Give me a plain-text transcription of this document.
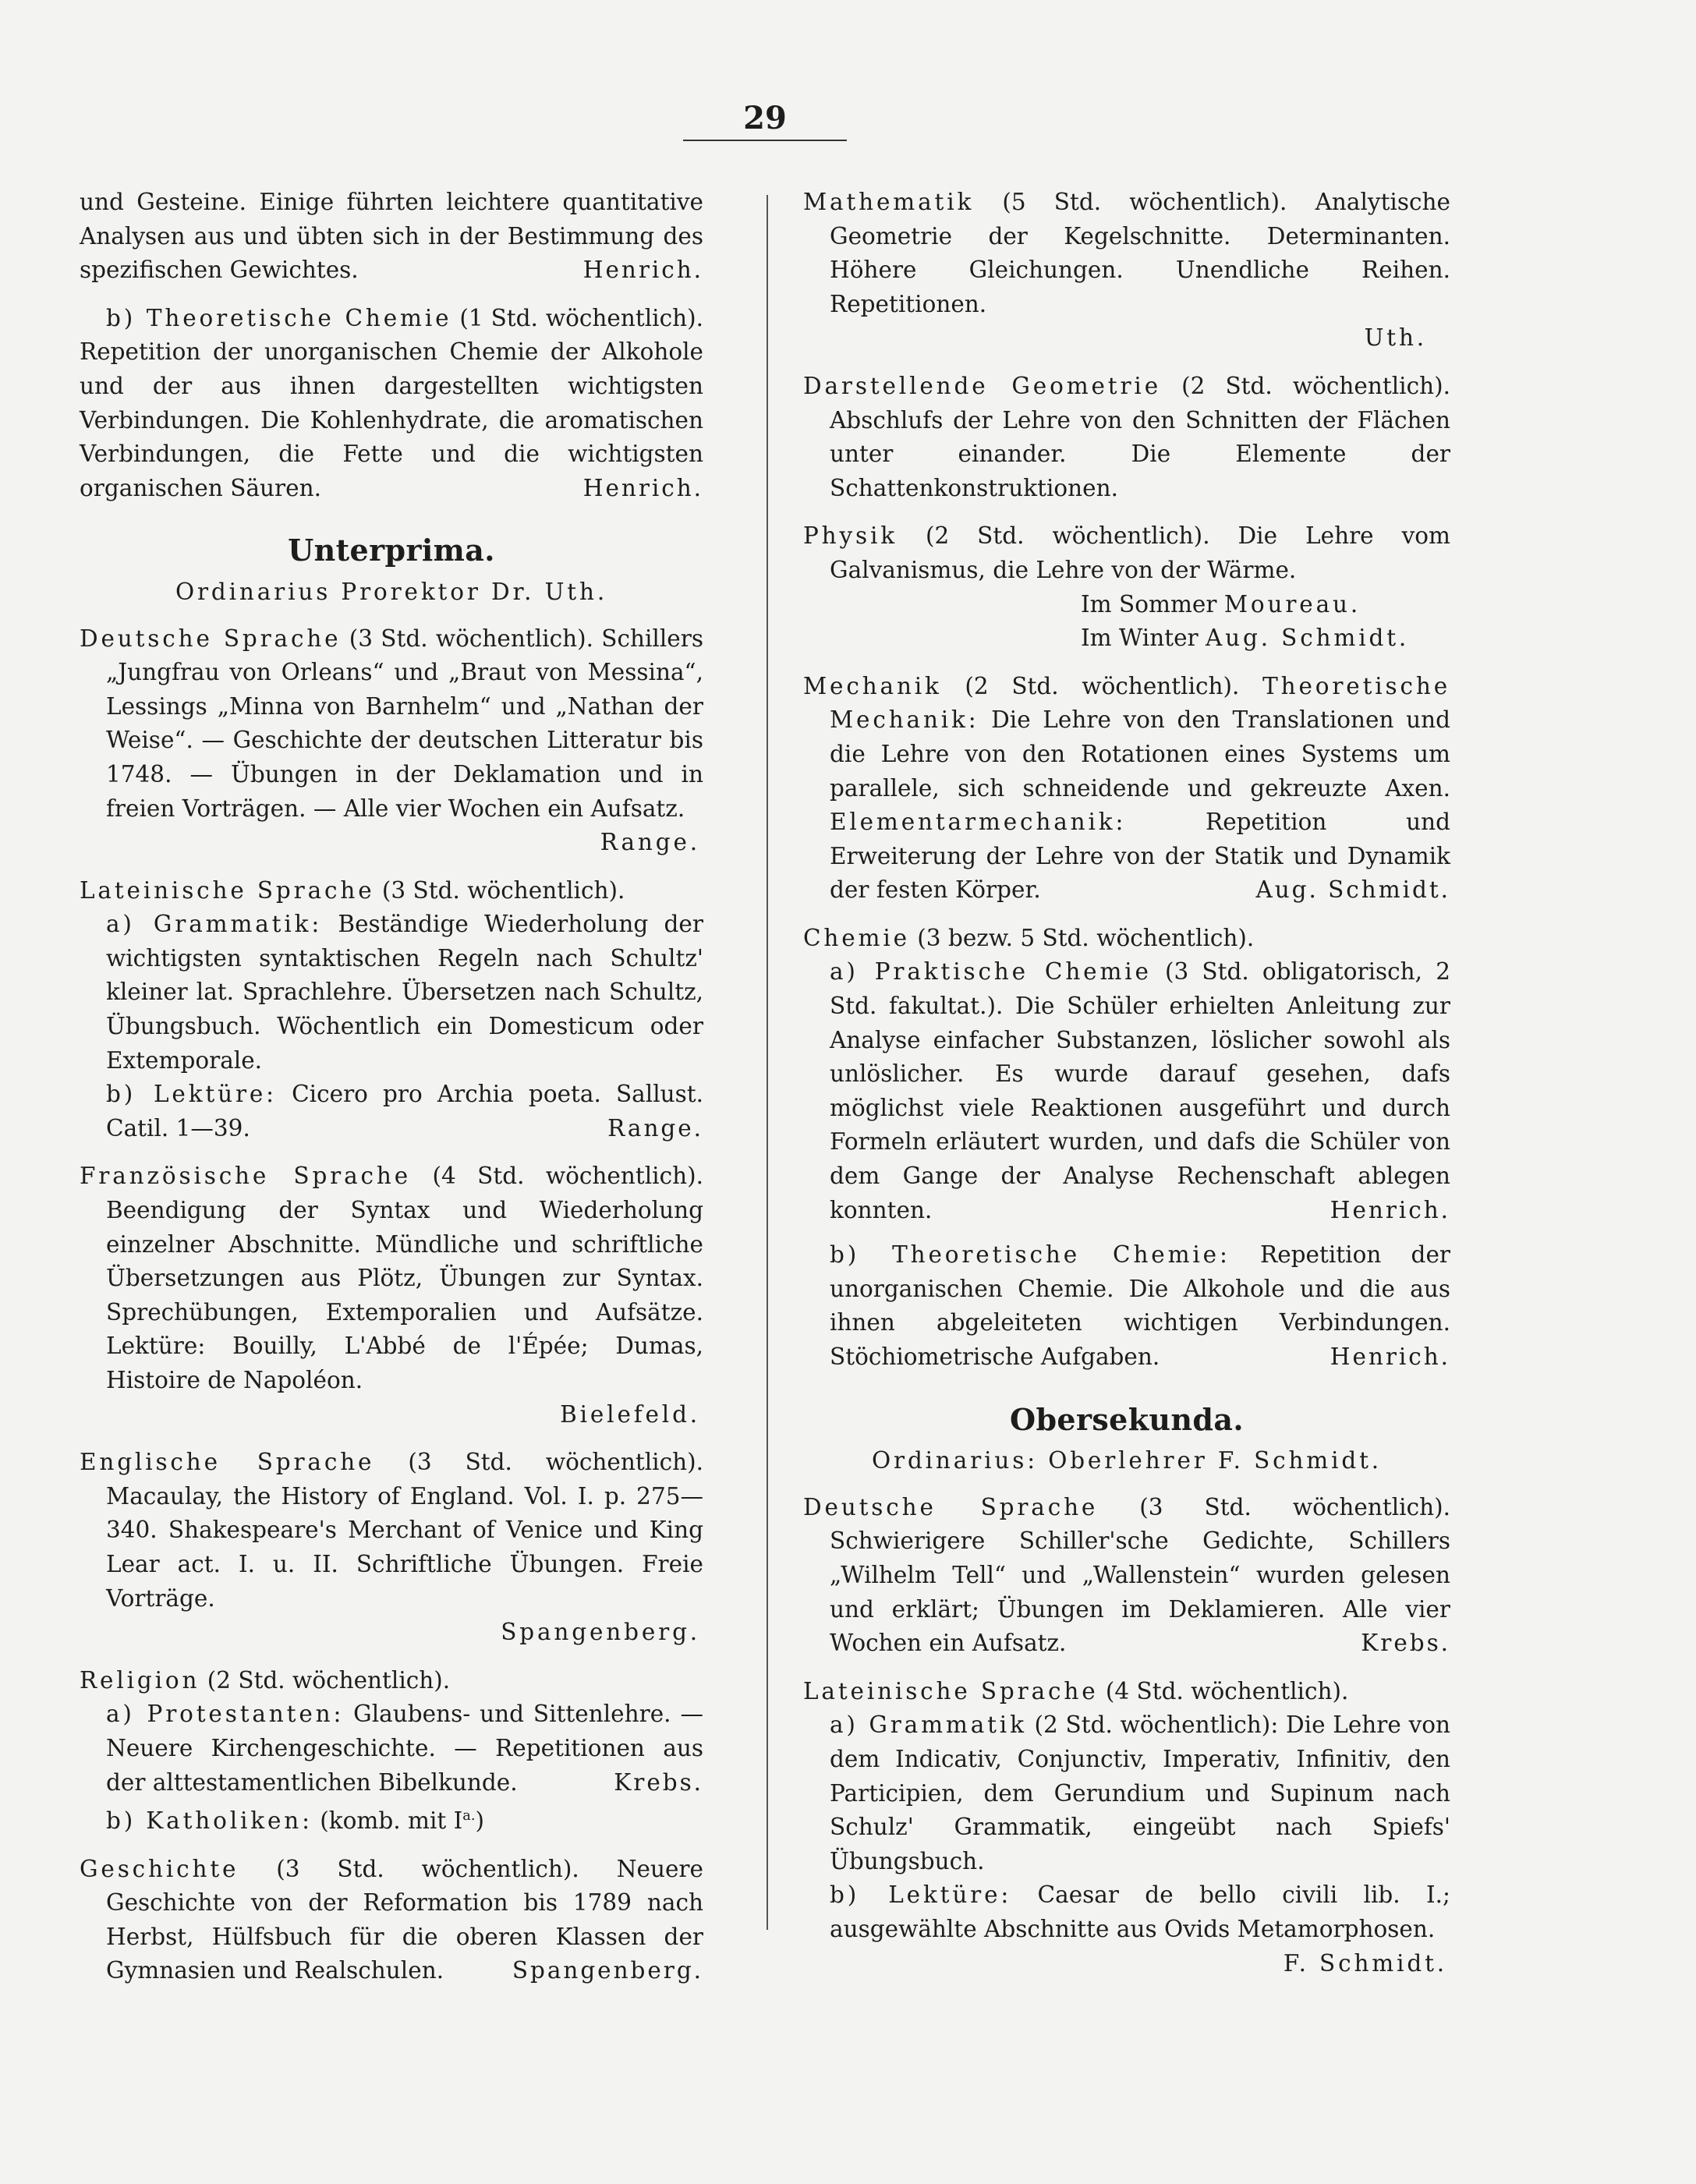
29

und Gesteine. Einige führten leichtere quantitative Analysen aus und übten sich in der Bestimmung des spezifischen Gewichtes.	Henrich.

b) Theoretische Chemie (1 Std. wöchentlich). Repetition der unorganischen Chemie der Alkohole und der aus ihnen dargestellten wichtigsten Verbindungen. Die Kohlenhydrate, die aromatischen Verbindungen, die Fette und die wichtigsten organischen Säuren.	Henrich.

Unterprima.
Ordinarius Prorektor Dr. Uth.

Deutsche Sprache (3 Std. wöchentlich). Schillers „Jungfrau von Orleans“ und „Braut von Messina“, Lessings „Minna von Barnhelm“ und „Nathan der Weise“. — Geschichte der deutschen Litteratur bis 1748. — Übungen in der Deklamation und in freien Vorträgen. — Alle vier Wochen ein Aufsatz.

Range.

Lateinische Sprache (3 Std. wöchentlich).

a) Grammatik: Beständige Wiederholung der wichtigsten syntaktischen Regeln nach Schultz' kleiner lat. Sprachlehre. Übersetzen nach Schultz, Übungsbuch. Wöchentlich ein Domesticum oder Extemporale.

b) Lektüre: Cicero pro Archia poeta. Sallust. Catil. 1—39.	Range.

Französische Sprache (4 Std. wöchentlich). Beendigung der Syntax und Wiederholung einzelner Abschnitte. Mündliche und schriftliche Übersetzungen aus Plötz, Übungen zur Syntax. Sprechübungen, Extemporalien und Aufsätze. Lektüre: Bouilly, L'Abbé de l'Épée; Dumas, Histoire de Napoléon.

Bielefeld.

Englische Sprache (3 Std. wöchentlich). Macaulay, the History of England. Vol. I. p. 275—340. Shakespeare's Merchant of Venice und King Lear act. I. u. II. Schriftliche Übungen. Freie Vorträge.

Spangenberg.

Religion (2 Std. wöchentlich).

a) Protestanten: Glaubens- und Sittenlehre. — Neuere Kirchengeschichte. — Repetitionen aus der alttestamentlichen Bibelkunde.	Krebs.

b) Katholiken: (komb. mit $I^{a.}$)

Geschichte (3 Std. wöchentlich). Neuere Geschichte von der Reformation bis 1789 nach Herbst, Hülfsbuch für die oberen Klassen der Gymnasien und Realschulen.	Spangenberg.

Mathematik (5 Std. wöchentlich). Analytische Geometrie der Kegelschnitte. Determinanten. Höhere Gleichungen. Unendliche Reihen. Repetitionen.

Uth.

Darstellende Geometrie (2 Std. wöchentlich). Abschlufs der Lehre von den Schnitten der Flächen unter einander. Die Elemente der Schattenkonstruktionen.

Physik (2 Std. wöchentlich). Die Lehre vom Galvanismus, die Lehre von der Wärme.

Im Sommer Moureau.

Im Winter Aug. Schmidt.

Mechanik (2 Std. wöchentlich). Theoretische Mechanik: Die Lehre von den Translationen und die Lehre von den Rotationen eines Systems um parallele, sich schneidende und gekreuzte Axen. Elementarmechanik:	Repetition und Erweiterung der Lehre von der Statik und Dynamik der festen Körper.	Aug. Schmidt.

Chemie (3 bezw. 5 Std. wöchentlich).

a) Praktische Chemie (3 Std. obligatorisch, 2 Std. fakultat.). Die Schüler erhielten Anleitung zur Analyse einfacher Substanzen, löslicher sowohl als unlöslicher. Es wurde darauf gesehen, dafs möglichst viele Reaktionen ausgeführt und durch Formeln erläutert wurden, und dafs die Schüler von dem Gange der Analyse Rechenschaft ablegen konnten.	Henrich.

b) Theoretische Chemie: Repetition der unorganischen Chemie. Die Alkohole und die aus ihnen abgeleiteten wichtigen Verbindungen. Stöchiometrische Aufgaben.	Henrich.

Obersekunda.
Ordinarius: Oberlehrer F. Schmidt.

Deutsche Sprache (3 Std. wöchentlich). Schwierigere Schiller'sche Gedichte, Schillers „Wilhelm Tell“ und „Wallenstein“ wurden gelesen und erklärt; Übungen im Deklamieren. Alle vier Wochen ein Aufsatz.	Krebs.

Lateinische Sprache (4 Std. wöchentlich).

a) Grammatik (2 Std. wöchentlich): Die Lehre von dem Indicativ, Conjunctiv, Imperativ, Infinitiv, den Participien, dem Gerundium und Supinum nach Schulz' Grammatik, eingeübt nach Spiefs' Übungsbuch.

b) Lektüre: Caesar de bello civili lib. I.; ausgewählte Abschnitte aus Ovids Metamorphosen.

F. Schmidt.
